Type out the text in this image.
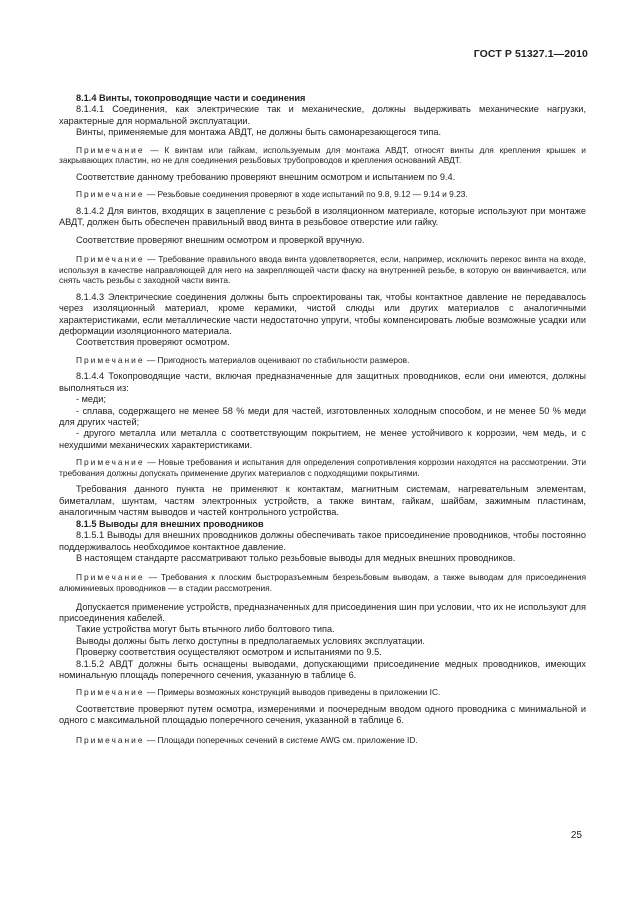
ГОСТ Р 51327.1—2010

8.1.4 Винты, токопроводящие части и соединения

8.1.4.1 Соединения, как электрические так и механические, должны выдерживать механические нагрузки, характерные для нормальной эксплуатации.

Винты, применяемые для монтажа АВДТ, не должны быть самонарезающегося типа.

Примечание — К винтам или гайкам, используемым для монтажа АВДТ, относят винты для крепления крышек и закрывающих пластин, но не для соединения резьбовых трубопроводов и крепления оснований АВДТ.

Соответствие данному требованию проверяют внешним осмотром и испытанием по 9.4.

Примечание — Резьбовые соединения проверяют в ходе испытаний по 9.8, 9.12 — 9.14 и 9.23.

8.1.4.2 Для винтов, входящих в зацепление с резьбой в изоляционном материале, которые используют при монтаже АВДТ, должен быть обеспечен правильный ввод винта в резьбовое отверстие или гайку.

Соответствие проверяют внешним осмотром и проверкой вручную.

Примечание — Требование правильного ввода винта удовлетворяется, если, например, исключить перекос винта на входе, используя в качестве направляющей для него на закрепляющей части фаску на внутренней резьбе, в которую он ввинчивается, или снять часть резьбы с заходной части винта.

8.1.4.3 Электрические соединения должны быть спроектированы так, чтобы контактное давление не передавалось через изоляционный материал, кроме керамики, чистой слюды или других материалов с аналогичными характеристиками, если металлические части недостаточно упруги, чтобы компенсировать любые возможные усадки или деформации изоляционного материала.

Соответствия проверяют осмотром.

Примечание — Пригодность материалов оценивают по стабильности размеров.

8.1.4.4 Токопроводящие части, включая предназначенные для защитных проводников, если они имеются, должны выполняться из:

- меди;

- сплава, содержащего не менее 58 % меди для частей, изготовленных холодным способом, и не менее 50 % меди для других частей;

- другого металла или металла с соответствующим покрытием, не менее устойчивого к коррозии, чем медь, и с нехудшими механических характеристиками.

Примечание — Новые требования и испытания для определения сопротивления коррозии находятся на рассмотрении. Эти требования должны допускать применение других материалов с подходящими покрытиями.

Требования данного пункта не применяют к контактам, магнитным системам, нагревательным элементам, биметаллам, шунтам, частям электронных устройств, а также винтам, гайкам, шайбам, зажимным пластинам, аналогичным частям выводов и частей контрольного устройства.

8.1.5 Выводы для внешних проводников

8.1.5.1 Выводы для внешних проводников должны обеспечивать такое присоединение проводников, чтобы постоянно поддерживалось необходимое контактное давление.

В настоящем стандарте рассматривают только резьбовые выводы для медных внешних проводников.

Примечание — Требования к плоским быстроразъемным безрезьбовым выводам, а также выводам для присоединения алюминиевых проводников — в стадии рассмотрения.

Допускается применение устройств, предназначенных для присоединения шин при условии, что их не используют для присоединения кабелей.

Такие устройства могут быть втычного либо болтового типа.

Выводы должны быть легко доступны в предполагаемых условиях эксплуатации.

Проверку соответствия осуществляют осмотром и испытаниями по 9.5.

8.1.5.2 АВДТ должны быть оснащены выводами, допускающими присоединение медных проводников, имеющих номинальную площадь поперечного сечения, указанную в таблице 6.

Примечание — Примеры возможных конструкций выводов приведены в приложении IC.

Соответствие проверяют путем осмотра, измерениями и поочередным вводом одного проводника с минимальной и одного с максимальной площадью поперечного сечения, указанной в таблице 6.

Примечание — Площади поперечных сечений в системе AWG см. приложение ID.

25
